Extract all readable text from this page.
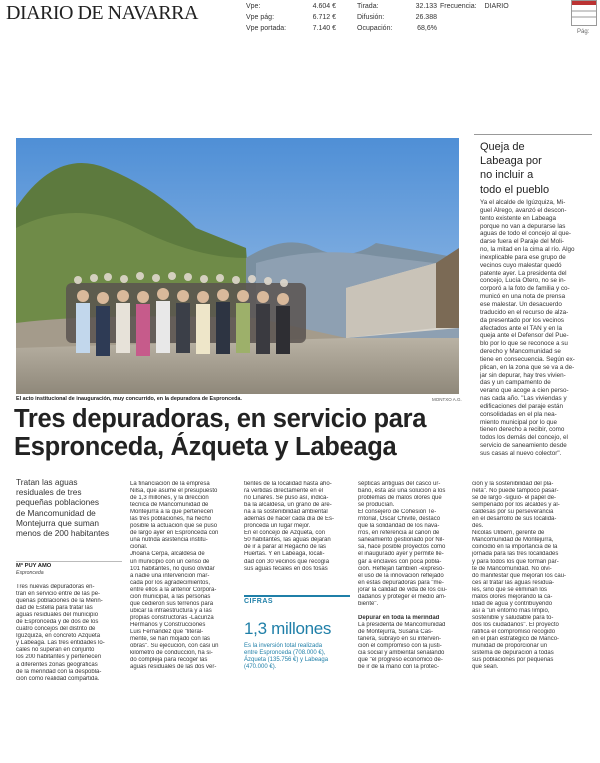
DIARIO DE NAVARRA	Vpe:	4.604 €
Vpe pág:	6.712 €
Vpe portada:	7.140 €
Tirada:	32.133
Difusión:	26.388
Ocupación:	68,6%
Frecuencia: DIARIO
Pág:
El acto institucional de inauguración, muy concurrido, en la depuradora de Espronceda.	MONTXO A.G.
Tres depuradoras, en servicio para
Espronceda, Ázqueta y Labeaga
Tratan las aguas
residuales de tres
pequeñas poblaciones
de Mancomunidad de
Montejurra que suman
menos de 200 habitantes
Mª PUY AMO
Espronceda
Tres nuevas depuradoras en-
tran en servicio entre de las pe-
queñas poblaciones de la Merin-
dad de Estella para tratar las
aguas residuales del municipio
de Espronceda y de dos de los
cuatro concejos del distrito de
Igúzquiza, en concreto Ázqueta
y Labeaga. Las tres entidades lo-
cales no superan en conjunto
los 200 habitantes y pertenecen
a diferentes zonas geográficas
de la merindad con la despobla-
ción como realidad compartida.
La financiación de la empresa
Nilsa, que asume el presupuesto
de 1,3 millones, y la dirección
técnica de Mancomunidad de
Montejurra a la que pertenecen
las tres poblaciones, ha hecho
posible la actuación que se puso
de largo ayer en Espronceda con
una nutrida asistencia institu-
cional.
Jhoana Cerpa, alcaldesa de
un municipio con un censo de
101 habitantes, no quiso olvidar
a nadie una intervención mar-
cada por los agradecimientos,
entre ellos a la anterior Corpora-
ción municipal, a las personas
que cedieron sus terrenos para
ubicar la infraestructura y a las
propias constructoras -Lacunza
Hermanos y Construcciones
Luis Fernández que "literal-
mente, se han mojado con las
obras". Su ejecución, con casi un
kilómetro de conducción, ha si-
do compleja para recoger las
aguas residuales de las dos ver-
tientes de la localidad hasta aho-
ra vertidas directamente en el
río Linares. Se puso así, indica-
ba la alcaldesa, un grano de are-
na a la sostenibilidad ambiental
además de hacer cada día de Es-
pronceda un lugar mejor.
En el concejo de Ázqueta, con
50 habitantes, las aguas dejarán
de ir a parar al Regacho de las
Huertas. Y en Labeaga, locali-
dad con 30 vecinos que recogía
sus aguas fecales en dos fosas
sépticas antiguas del casco ur-
bano, ésta así una solución a los
problemas de malos olores que
se producían.
El consejero de Cohesión Te-
rritorial, Óscar Chivite, destacó
que la solidaridad de los nava-
rros, en referencia al canon de
saneamiento gestionado por Nil-
sa, hace posible proyectos como
el inaugurado ayer y permite lle-
gar a enclaves con poca pobla-
ción. Reflejan también -expresó-
el uso de la innovación reflejado
en estas depuradoras para "me-
jorar la calidad de vida de los ciu-
dadanos y proteger el medio am-
biente".
Depurar en toda la merindad
La presidenta de Mancomunidad
de Montejurra, Susana Cas-
tanera, subrayó en su interven-
ción el compromiso con la justi-
cia social y ambiental señalando
que "el progreso económico de-
be ir de la mano con la protec-
ción y la sostenibilidad del pla-
neta". No puede tampoco pasar-
se de largo -siguió- el papel de-
sempeñado por los alcaldes y al-
caldesas por su perseverancia
en el desarrollo de sus localida-
des.
Nicolás Uliberri, gerente de
Mancomunidad de Montejurra,
coincidió en la importancia de la
jornada para las tres localidades
y para todos los que forman par-
te de Mancomunidad. No olvi-
dó manifestar que mejoran los cau-
ces al tratar las aguas residua-
les, sino que se eliminan los
malos olores mejorando la ca-
lidad de agua y contribuyendo
así a "un entorno más limpio,
sostenible y saludable para to-
dos los ciudadanos". El proyecto
ratifica el compromiso recogido
en el plan estratégico de Manco-
munidad de proporcionar un
sistema de depuración a todas
sus poblaciones por pequeñas
que sean.
CIFRAS
1,3 millones
Es la inversión total realizada
entre Espronceda (708.000 €),
Ázqueta (135.756 €) y Labeaga
(470.000 €).
Queja de
Labeaga por
no incluir a
todo el pueblo
Ya el alcalde de Igúzquiza, Mi-
guel Álrego, avanzó el descon-
tento existente en Labeaga
porque no van a depurarse las
aguas de todo el concejo al que-
darse fuera el Paraje del Moli-
no, la mitad en la cima al río. Algo
inexplicable para ese grupo de
vecinos cuyo malestar quedó
patente ayer. La presidenta del
concejo, Lucía Otero, no se in-
corporó a la foto de familia y co-
municó en una nota de prensa
ese malestar. Un desacuerdo
traducido en el recurso de alza-
da presentado por los vecinos
afectados ante el TAN y en la
queja ante el Defensor del Pue-
blo por lo que se reconoce a su
derecho y Mancomunidad se
tiene en consecuencia. Según ex-
plican, en la zona que se va a de-
jar sin depurar, hay tres vivien-
das y un campamento de
verano que acoge a cien perso-
nas cada año. "Las viviendas y
edificaciones del paraje están
consolidadas en el pla nea-
miento municipal por lo que
tienen derecho a recibir, como
todos los demás del concejo, el
servicio de saneamiento desde
sus casas al nuevo colector".
